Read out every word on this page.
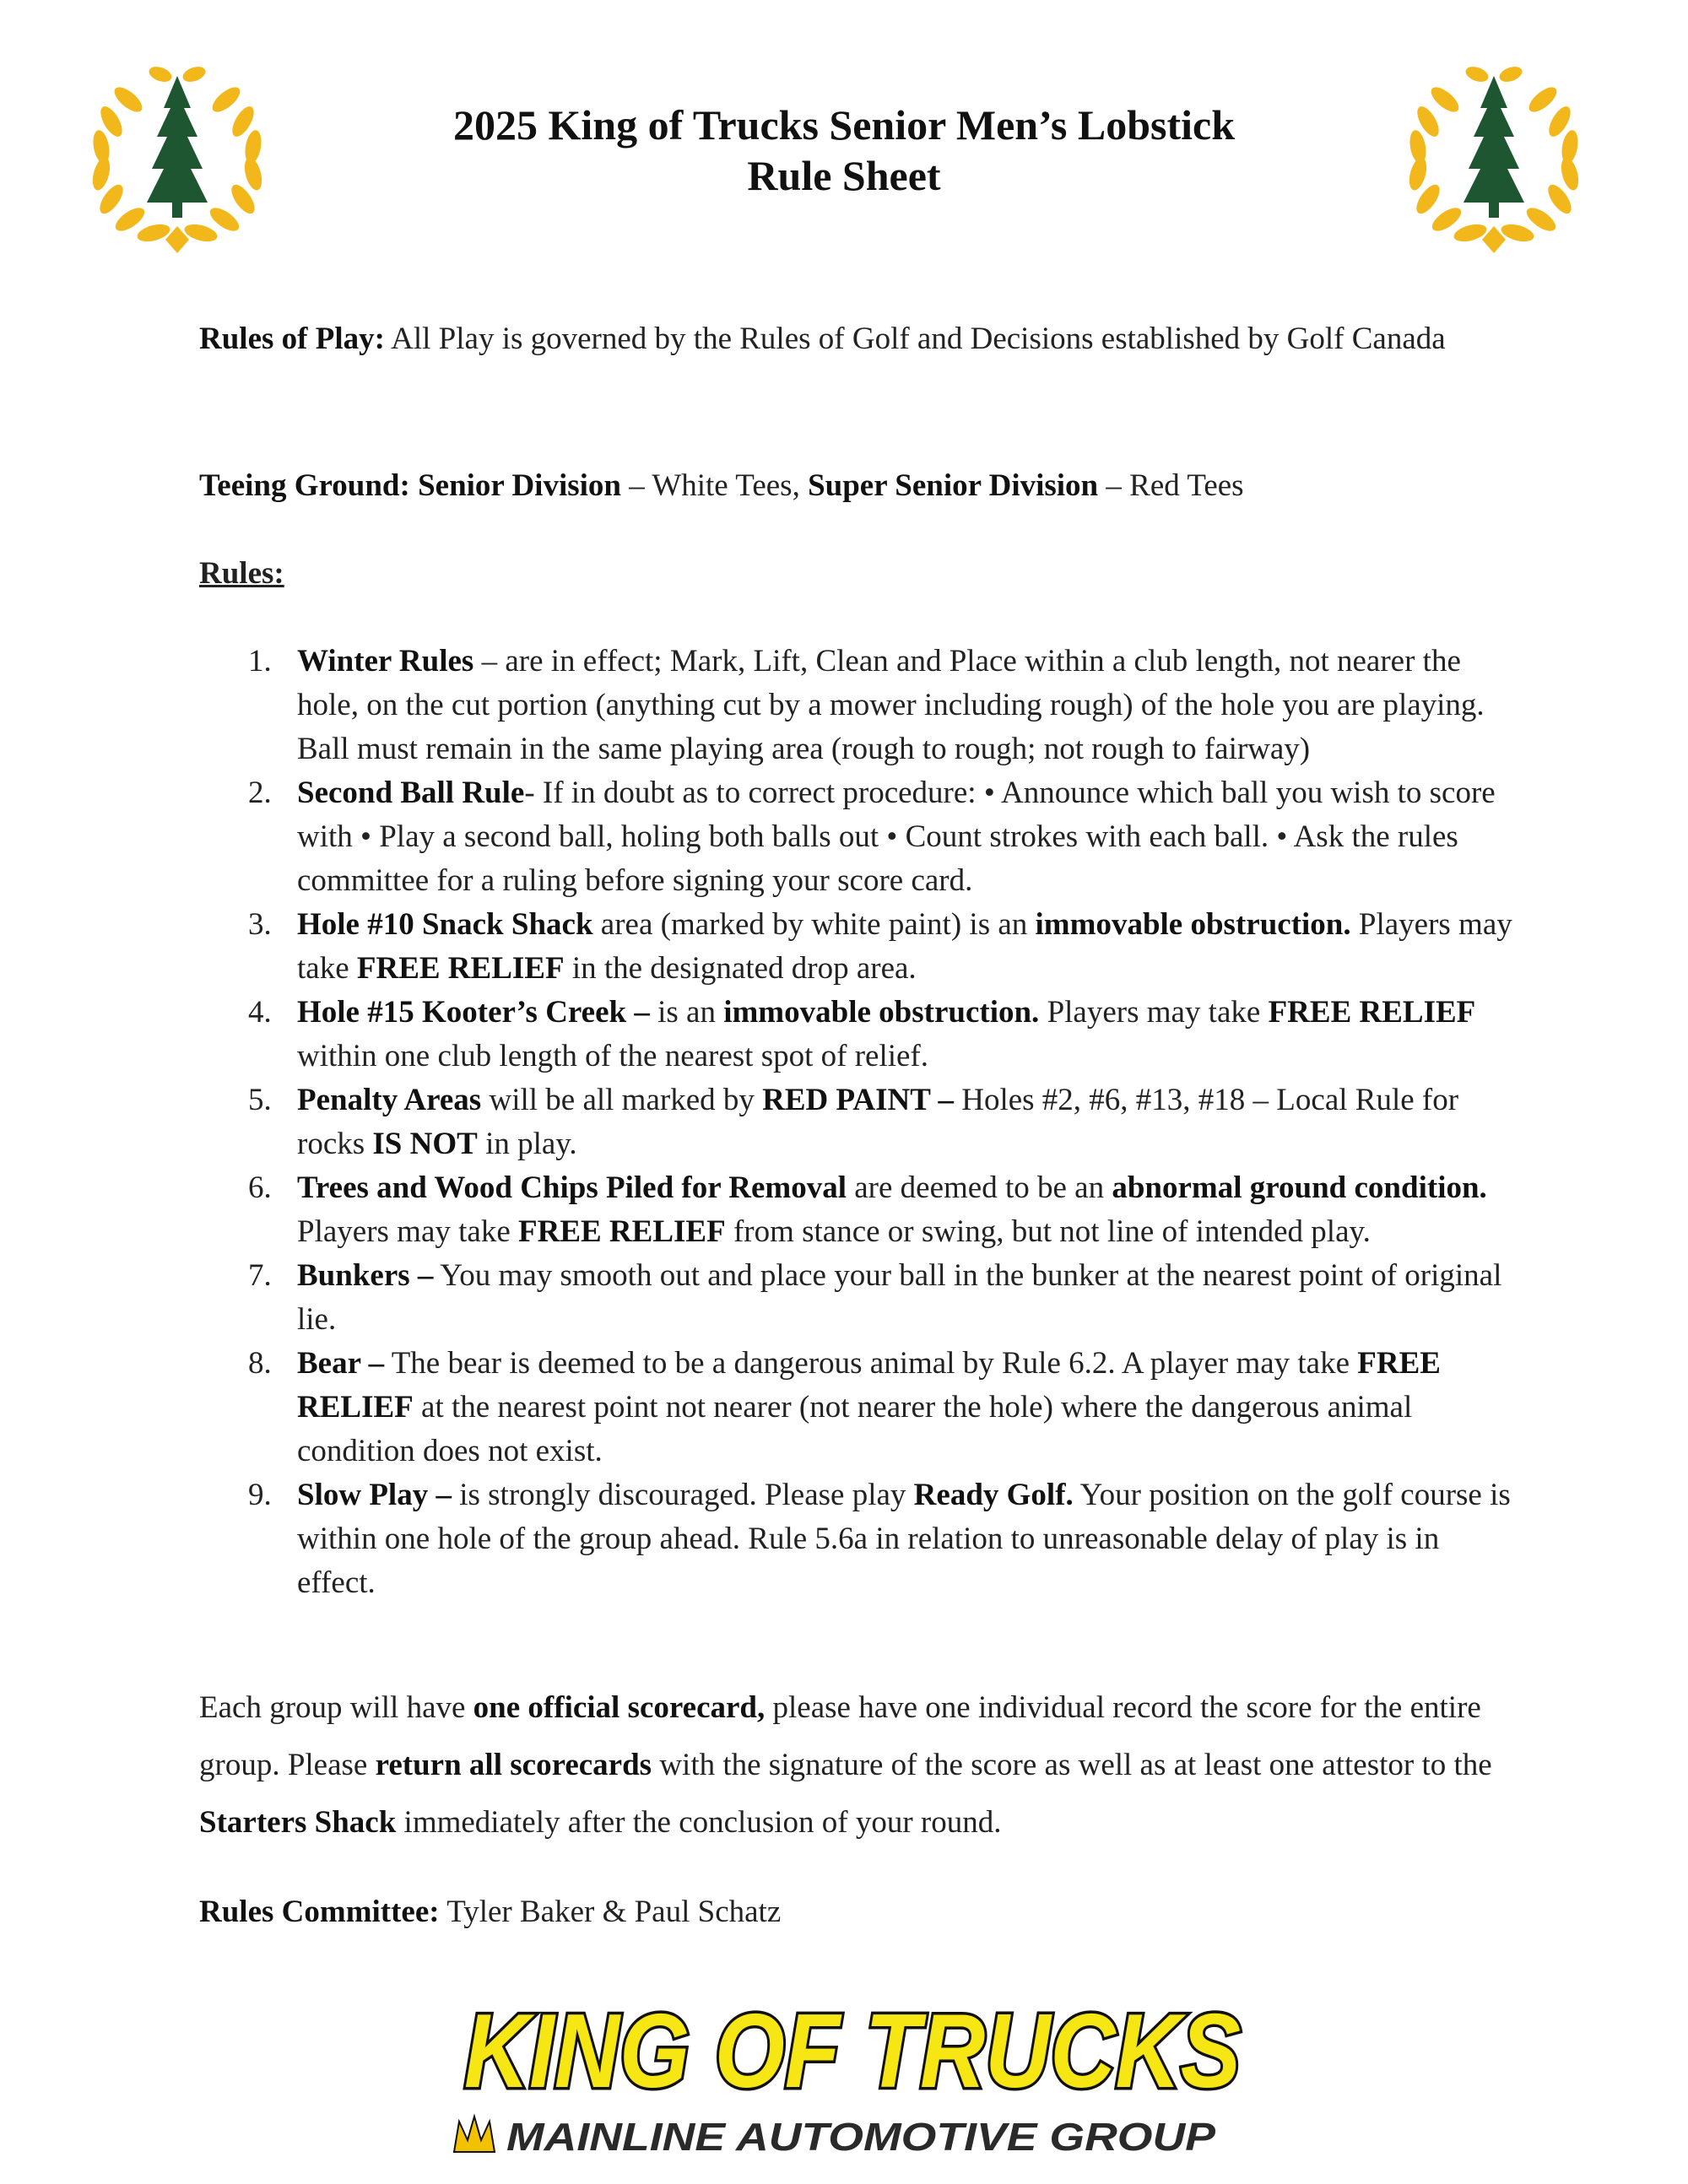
2025 King of Trucks Senior Men’s Lobstick
Rule Sheet
Rules of Play: All Play is governed by the Rules of Golf and Decisions established by Golf Canada
Teeing Ground: Senior Division – White Tees, Super Senior Division – Red Tees
Rules:
1. Winter Rules – are in effect; Mark, Lift, Clean and Place within a club length, not nearer the hole, on the cut portion (anything cut by a mower including rough) of the hole you are playing. Ball must remain in the same playing area (rough to rough; not rough to fairway)
2. Second Ball Rule- If in doubt as to correct procedure: • Announce which ball you wish to score with • Play a second ball, holing both balls out • Count strokes with each ball. • Ask the rules committee for a ruling before signing your score card.
3. Hole #10 Snack Shack area (marked by white paint) is an immovable obstruction. Players may take FREE RELIEF in the designated drop area.
4. Hole #15 Kooter’s Creek – is an immovable obstruction. Players may take FREE RELIEF within one club length of the nearest spot of relief.
5. Penalty Areas will be all marked by RED PAINT – Holes #2, #6, #13, #18 – Local Rule for rocks IS NOT in play.
6. Trees and Wood Chips Piled for Removal are deemed to be an abnormal ground condition. Players may take FREE RELIEF from stance or swing, but not line of intended play.
7. Bunkers – You may smooth out and place your ball in the bunker at the nearest point of original lie.
8. Bear – The bear is deemed to be a dangerous animal by Rule 6.2. A player may take FREE RELIEF at the nearest point not nearer (not nearer the hole) where the dangerous animal condition does not exist.
9. Slow Play – is strongly discouraged. Please play Ready Golf. Your position on the golf course is within one hole of the group ahead. Rule 5.6a in relation to unreasonable delay of play is in effect.
Each group will have one official scorecard, please have one individual record the score for the entire group. Please return all scorecards with the signature of the score as well as at least one attestor to the Starters Shack immediately after the conclusion of your round.
Rules Committee: Tyler Baker & Paul Schatz
KING OF TRUCKS
MAINLINE AUTOMOTIVE GROUP
